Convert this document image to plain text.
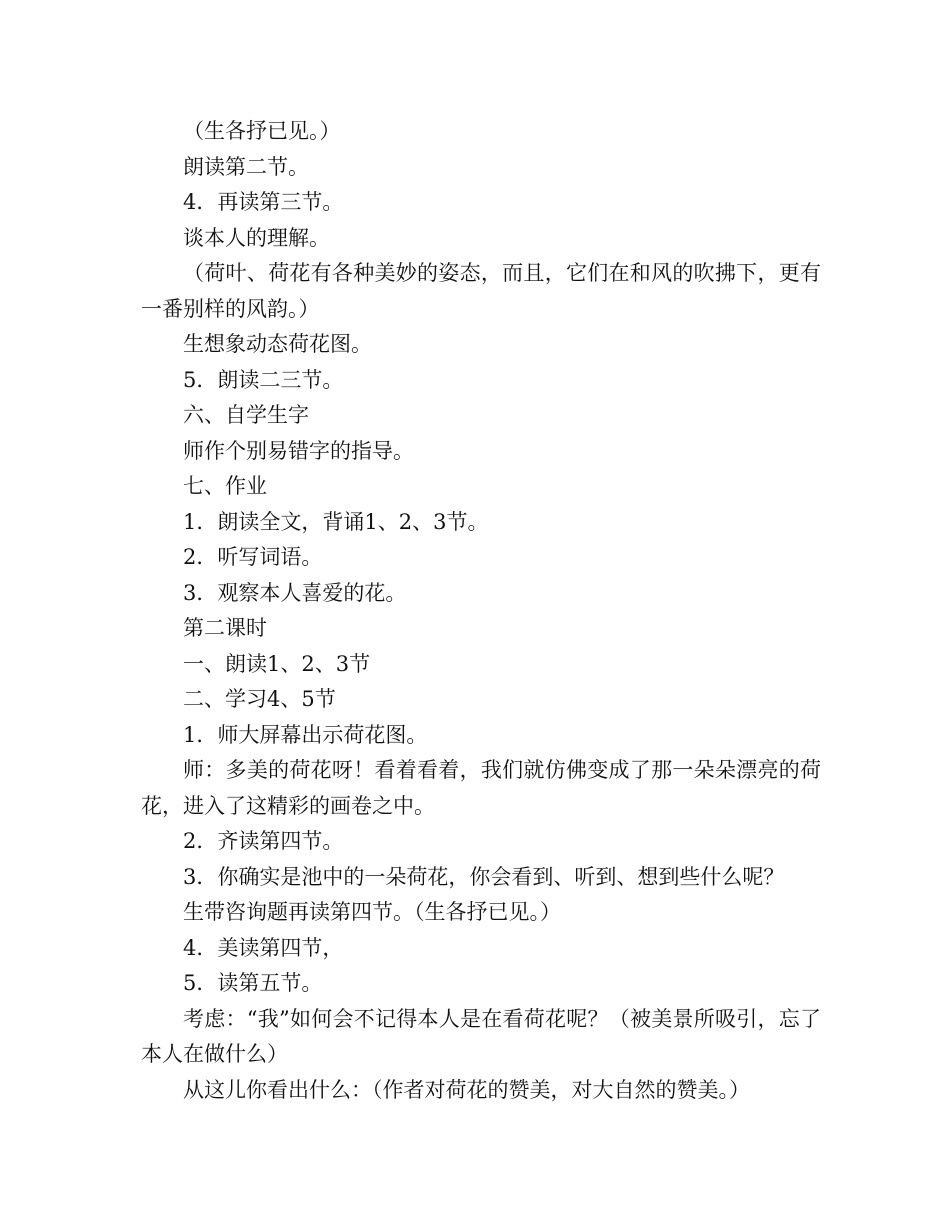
（生各抒已见。）

朗读第二节。

4．再读第三节。

谈本人的理解。

（荷叶、荷花有各种美妙的姿态，而且，它们在和风的吹拂下，更有一番别样的风韵。）

生想象动态荷花图。

5．朗读二三节。

六、自学生字

师作个别易错字的指导。

七、作业

1．朗读全文，背诵1、2、3节。

2．听写词语。

3．观察本人喜爱的花。

第二课时

一、朗读1、2、3节

二、学习4、5节

1．师大屏幕出示荷花图。

师：多美的荷花呀！看着看着，我们就仿佛变成了那一朵朵漂亮的荷花，进入了这精彩的画卷之中。

2．齐读第四节。

3．你确实是池中的一朵荷花，你会看到、听到、想到些什么呢？

生带咨询题再读第四节。（生各抒已见。）

4．美读第四节，

5．读第五节。

考虑：“我”如何会不记得本人是在看荷花呢？（被美景所吸引，忘了本人在做什么）

从这儿你看出什么：（作者对荷花的赞美，对大自然的赞美。）
